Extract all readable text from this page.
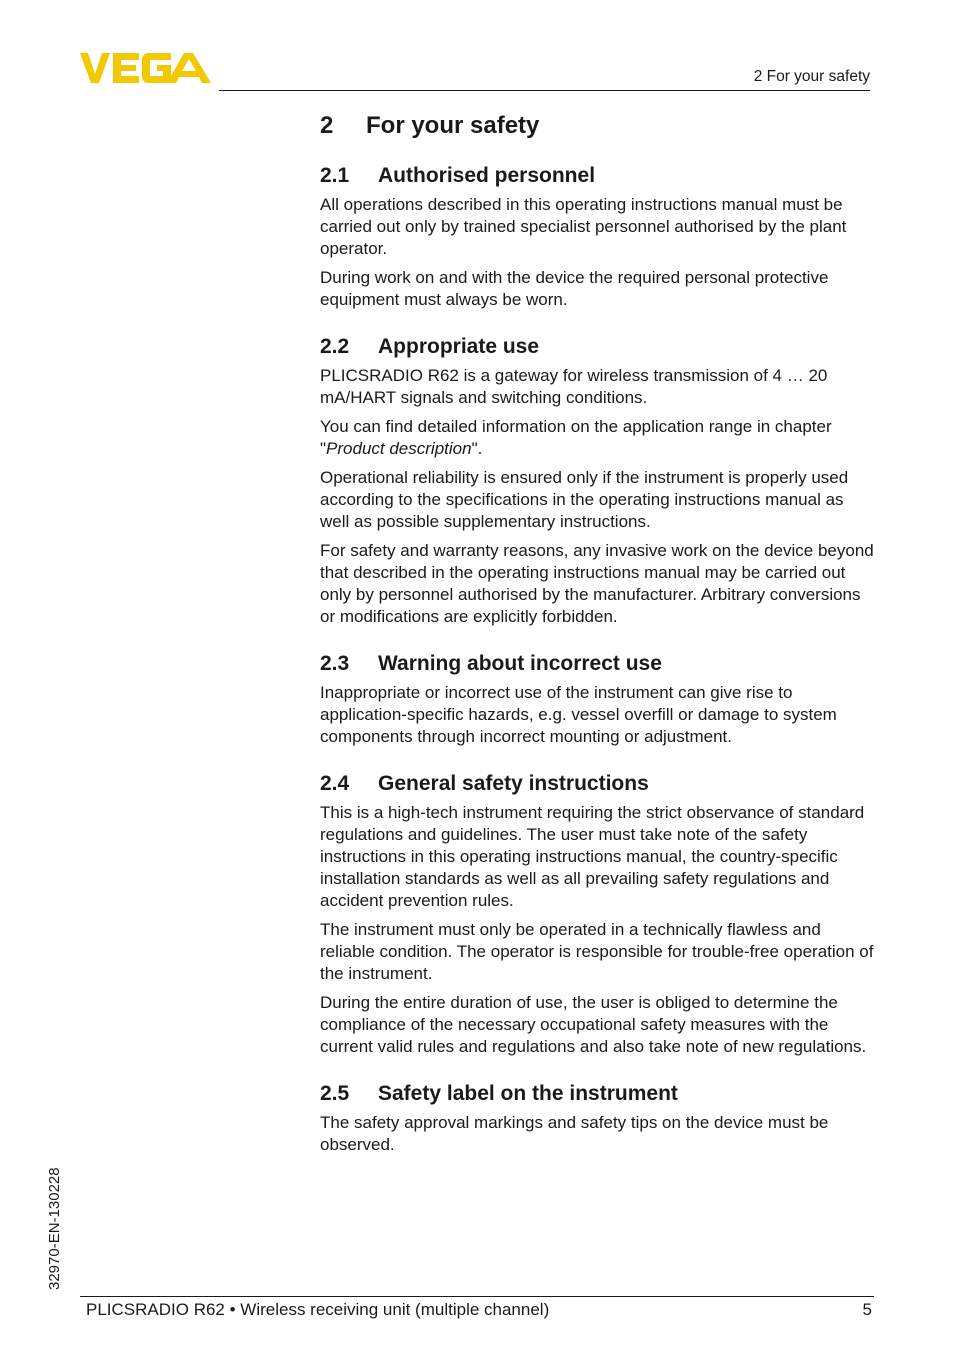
2 For your safety
2	For your safety
2.1	Authorised personnel

All operations described in this operating instructions manual must be carried out only by trained specialist personnel authorised by the plant operator.

During work on and with the device the required personal protective equipment must always be worn.

2.2	Appropriate use

PLICSRADIO R62 is a gateway for wireless transmission of 4 … 20 mA/HART signals and switching conditions.

You can find detailed information on the application range in chapter "Product description".

Operational reliability is ensured only if the instrument is properly used according to the specifications in the operating instructions manual as well as possible supplementary instructions.

For safety and warranty reasons, any invasive work on the device beyond that described in the operating instructions manual may be carried out only by personnel authorised by the manufacturer. Arbitrary conversions or modifications are explicitly forbidden.

2.3	Warning about incorrect use

Inappropriate or incorrect use of the instrument can give rise to application-specific hazards, e.g. vessel overfill or damage to system components through incorrect mounting or adjustment.

2.4	General safety instructions

This is a high-tech instrument requiring the strict observance of standard regulations and guidelines. The user must take note of the safety instructions in this operating instructions manual, the country-specific installation standards as well as all prevailing safety regulations and accident prevention rules.

The instrument must only be operated in a technically flawless and reliable condition. The operator is responsible for trouble-free operation of the instrument.

During the entire duration of use, the user is obliged to determine the compliance of the necessary occupational safety measures with the current valid rules and regulations and also take note of new regulations.

2.5	Safety label on the instrument

The safety approval markings and safety tips on the device must be observed.

32970-EN-130228
PLICSRADIO R62 • Wireless receiving unit (multiple channel)	5
